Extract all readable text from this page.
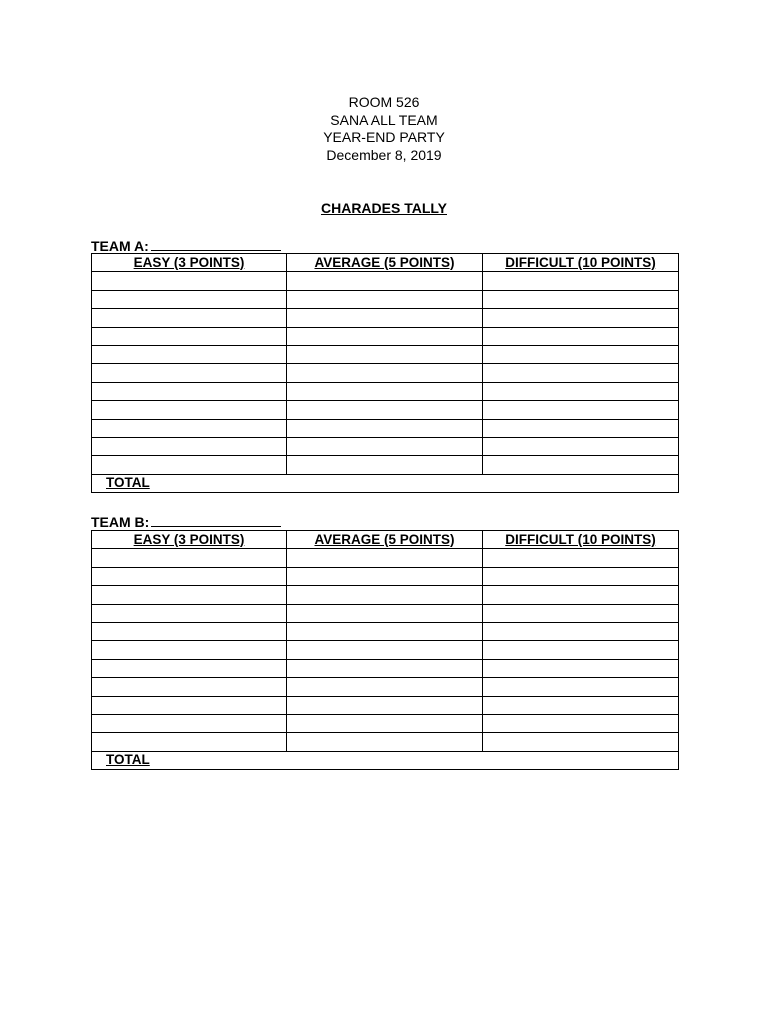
ROOM 526
SANA ALL TEAM
YEAR-END PARTY
December 8, 2019
CHARADES TALLY
TEAM A:
EASY (3 POINTS)	AVERAGE (5 POINTS)	DIFFICULT (10 POINTS)

TOTAL		
TEAM B:
EASY (3 POINTS)	AVERAGE (5 POINTS)	DIFFICULT (10 POINTS)

TOTAL		
